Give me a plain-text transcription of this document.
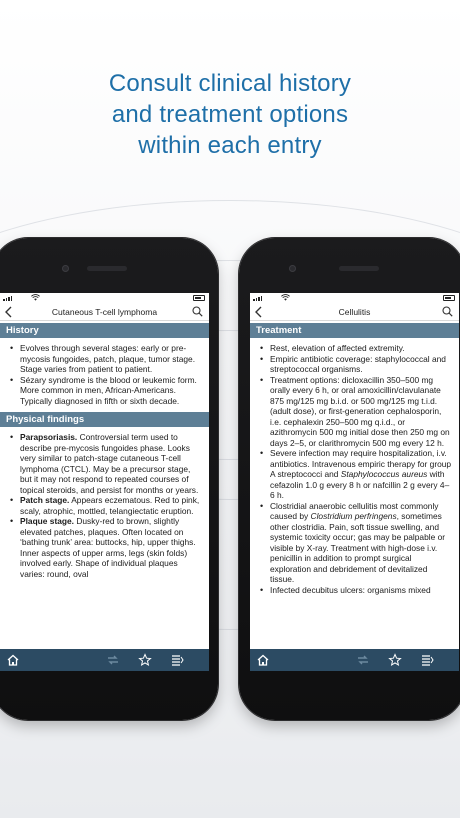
Consult clinical history
and treatment options
within each entry
Cutaneous T-cell lymphoma
History
• Evolves through several stages: early or pre-mycosis fungoides, patch, plaque, tumor stage. Stage varies from patient to patient.
• Sézary syndrome is the blood or leukemic form. More common in men, African-Americans. Typically diagnosed in fifth or sixth decade.
Physical findings
• Parapsoriasis. Controversial term used to describe pre-mycosis fungoides phase. Looks very similar to patch-stage cutaneous T-cell lymphoma (CTCL). May be a precursor stage, but it may not respond to repeated courses of topical steroids, and persist for months or years.
• Patch stage. Appears eczematous. Red to pink, scaly, atrophic, mottled, telangiectatic eruption.
• Plaque stage. Dusky-red to brown, slightly elevated patches, plaques. Often located on ‘bathing trunk’ area: buttocks, hip, upper thighs. Inner aspects of upper arms, legs (skin folds) involved early. Shape of individual plaques varies: round, oval
Cellulitis
Treatment
• Rest, elevation of affected extremity.
• Empiric antibiotic coverage: staphylococcal and streptococcal organisms.
• Treatment options: dicloxacillin 350–500 mg orally every 6 h, or oral amoxicillin/clavulanate 875 mg/125 mg b.i.d. or 500 mg/125 mg t.i.d. (adult dose), or first-generation cephalosporin, i.e. cephalexin 250–500 mg q.i.d., or azithromycin 500 mg initial dose then 250 mg on days 2–5, or clarithromycin 500 mg every 12 h.
• Severe infection may require hospitalization, i.v. antibiotics. Intravenous empiric therapy for group A streptococci and Staphylococcus aureus with cefazolin 1.0 g every 8 h or nafcillin 2 g every 4–6 h.
• Clostridial anaerobic cellulitis most commonly caused by Clostridium perfringens, sometimes other clostridia. Pain, soft tissue swelling, and systemic toxicity occur; gas may be palpable or visible by X-ray. Treatment with high-dose i.v. penicillin in addition to prompt surgical exploration and debridement of devitalized tissue.
• Infected decubitus ulcers: organisms mixed
